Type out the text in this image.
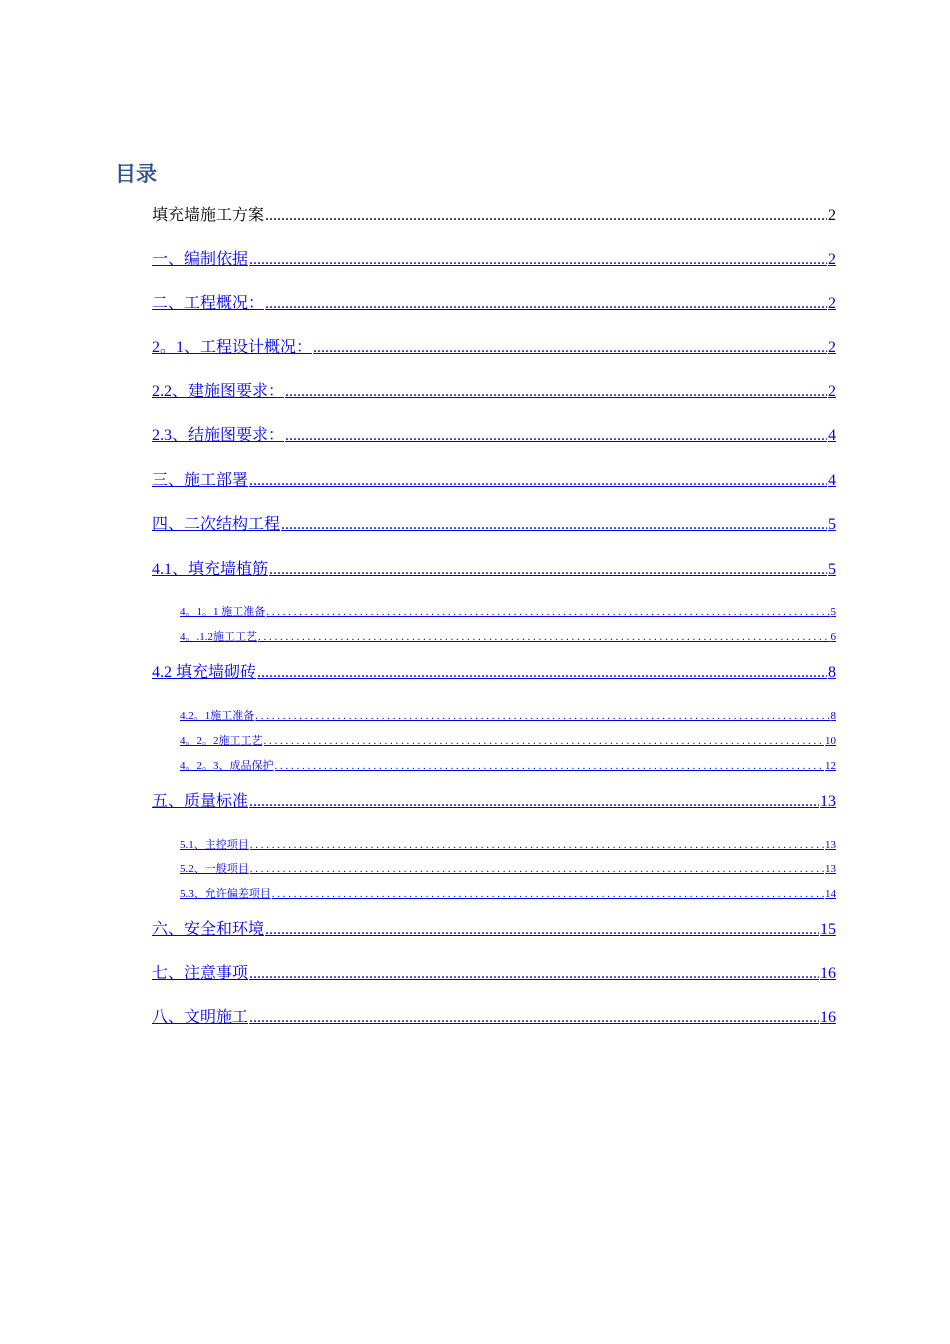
目录
填充墙施工方案 .....	2
一、编制依据 .....	2
二、工程概况： .....	2
2。1、工程设计概况： .....	2
2.2、建施图要求： .....	2
2.3、结施图要求： .....	4
三、施工部署 .....	4
四、二次结构工程 .....	5
4.1、填充墙植筋 .....	5
4。1。1 施工准备 . . .	5
4。.1.2施工工艺 . . .	6
4.2 填充墙砌砖 .....	8
4.2。1施工准备 . . .	8
4。2。2施工工艺 . . .	10
4。2。3、成品保护 . . .	12
五、质量标准 .....	13
5.1、主控项目 . . .	13
5.2、一般项目 . . .	13
5.3、允许偏差项目 . . .	14
六、安全和环境 .....	15
七、注意事项 .....	16
八、文明施工 .....	16
